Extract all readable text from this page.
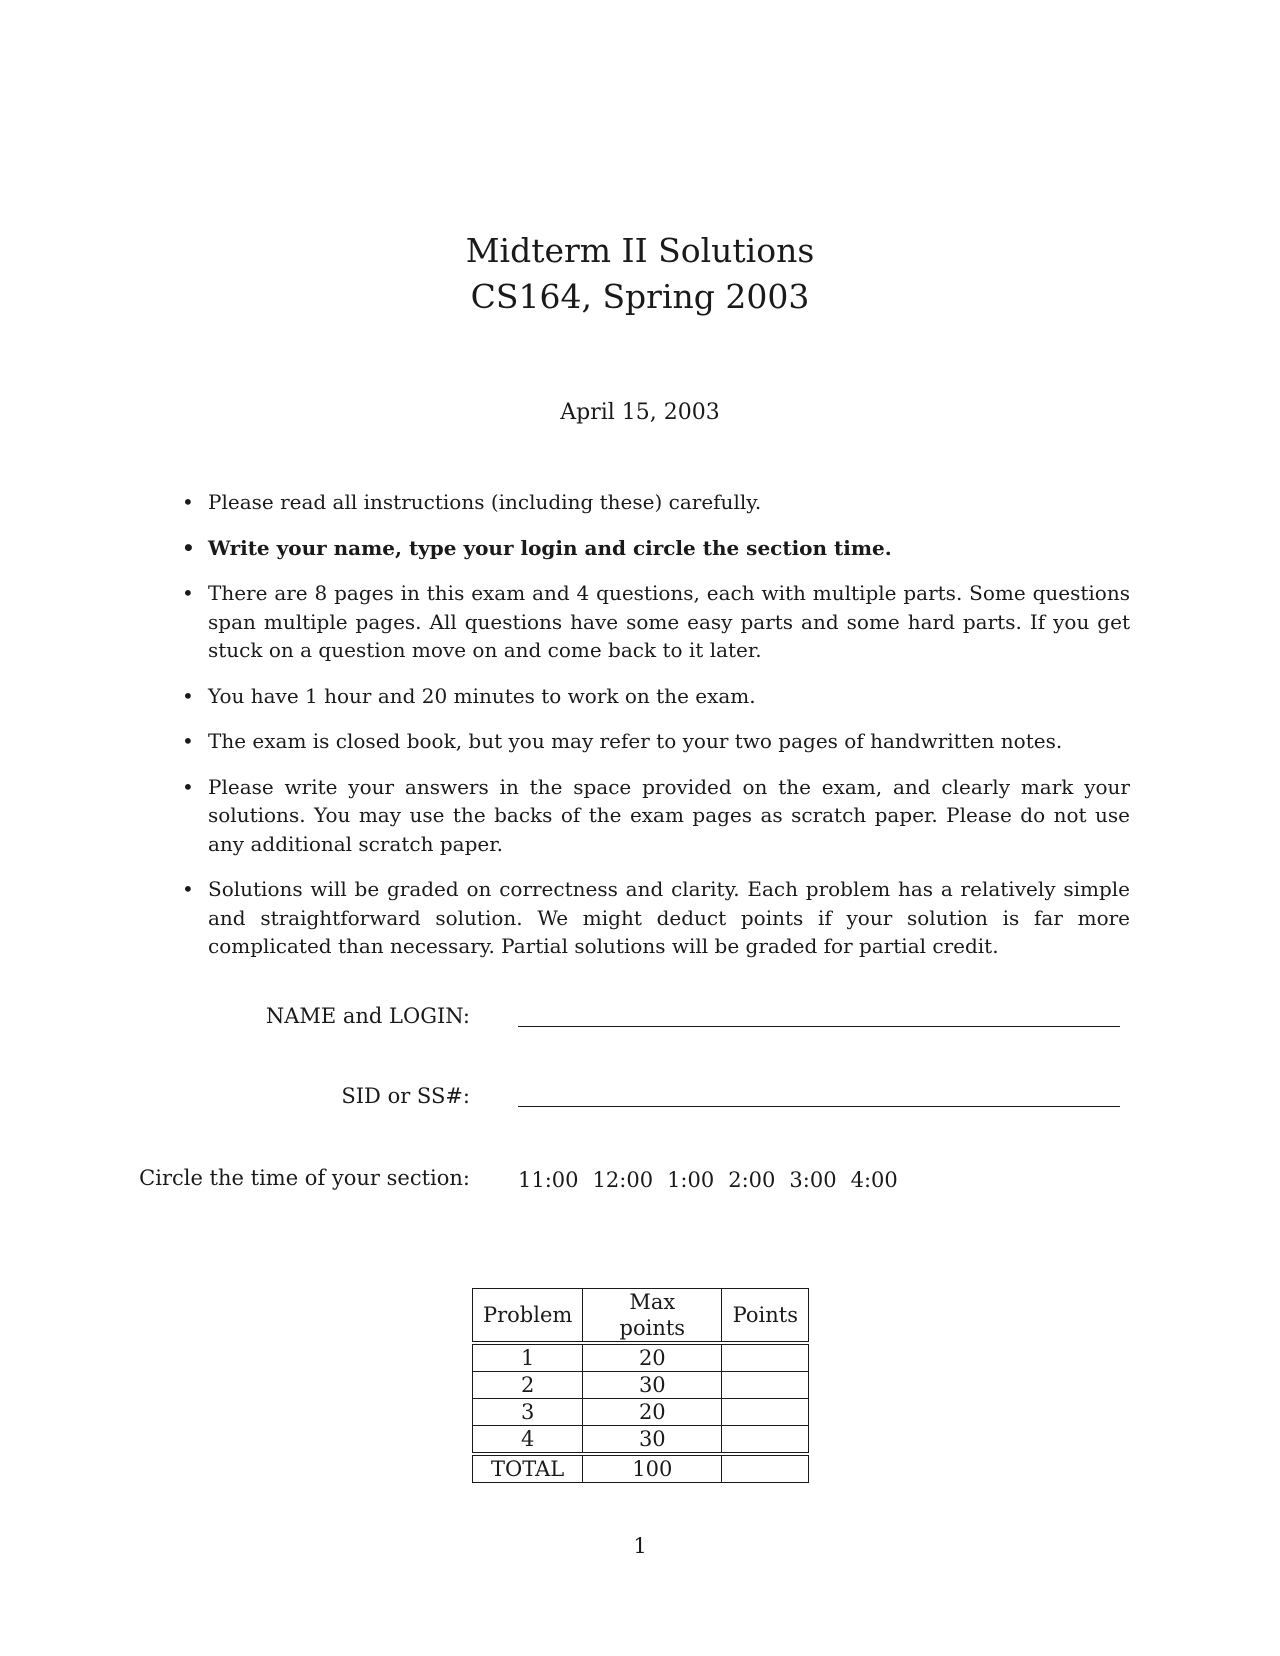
Midterm II Solutions
CS164, Spring 2003
April 15, 2003
• Please read all instructions (including these) carefully.
• Write your name, type your login and circle the section time.
• There are 8 pages in this exam and 4 questions, each with multiple parts. Some questions span multiple pages. All questions have some easy parts and some hard parts. If you get stuck on a question move on and come back to it later.
• You have 1 hour and 20 minutes to work on the exam.
• The exam is closed book, but you may refer to your two pages of handwritten notes.
• Please write your answers in the space provided on the exam, and clearly mark your solutions. You may use the backs of the exam pages as scratch paper. Please do not use any additional scratch paper.
• Solutions will be graded on correctness and clarity. Each problem has a relatively simple and straightforward solution. We might deduct points if your solution is far more complicated than necessary. Partial solutions will be graded for partial credit.
NAME and LOGIN:
SID or SS#:
Circle the time of your section: 11:00 12:00 1:00 2:00 3:00 4:00
Problem	Max points	Points
1	20	
2	30	
3	20	
4	30	
TOTAL	100	
1
